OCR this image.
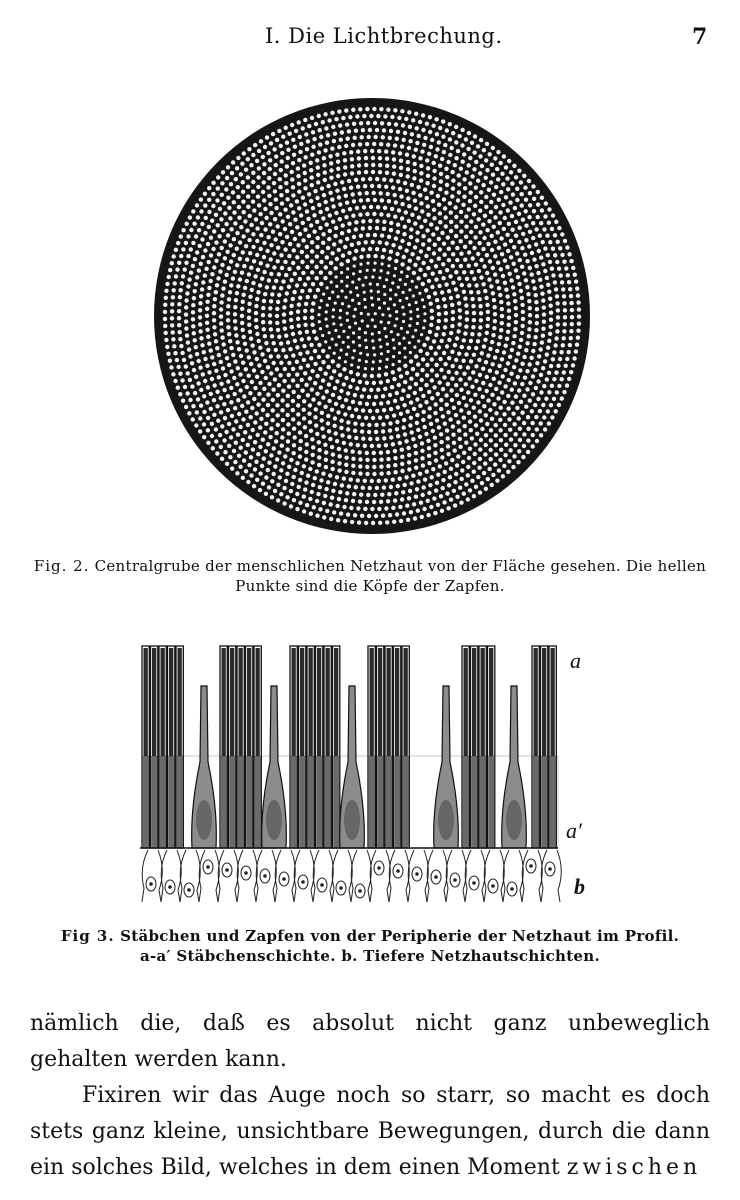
I. Die Lichtbrechung.	7
Fig. 2. Centralgrube der menschlichen Netzhaut von der Fläche gesehen. Die hellen Punkte sind die Köpfe der Zapfen.
a
a′
b
Fig 3. Stäbchen und Zapfen von der Peripherie der Netzhaut im Profil.
a-a′ Stäbchenschichte. b. Tiefere Netzhautschichten.

nämlich die, daß es absolut nicht ganz unbeweglich gehalten werden kann.

Fixiren wir das Auge noch so starr, so macht es doch stets ganz kleine, unsichtbare Bewegungen, durch die dann ein solches Bild, welches in dem einen Moment zwischen
